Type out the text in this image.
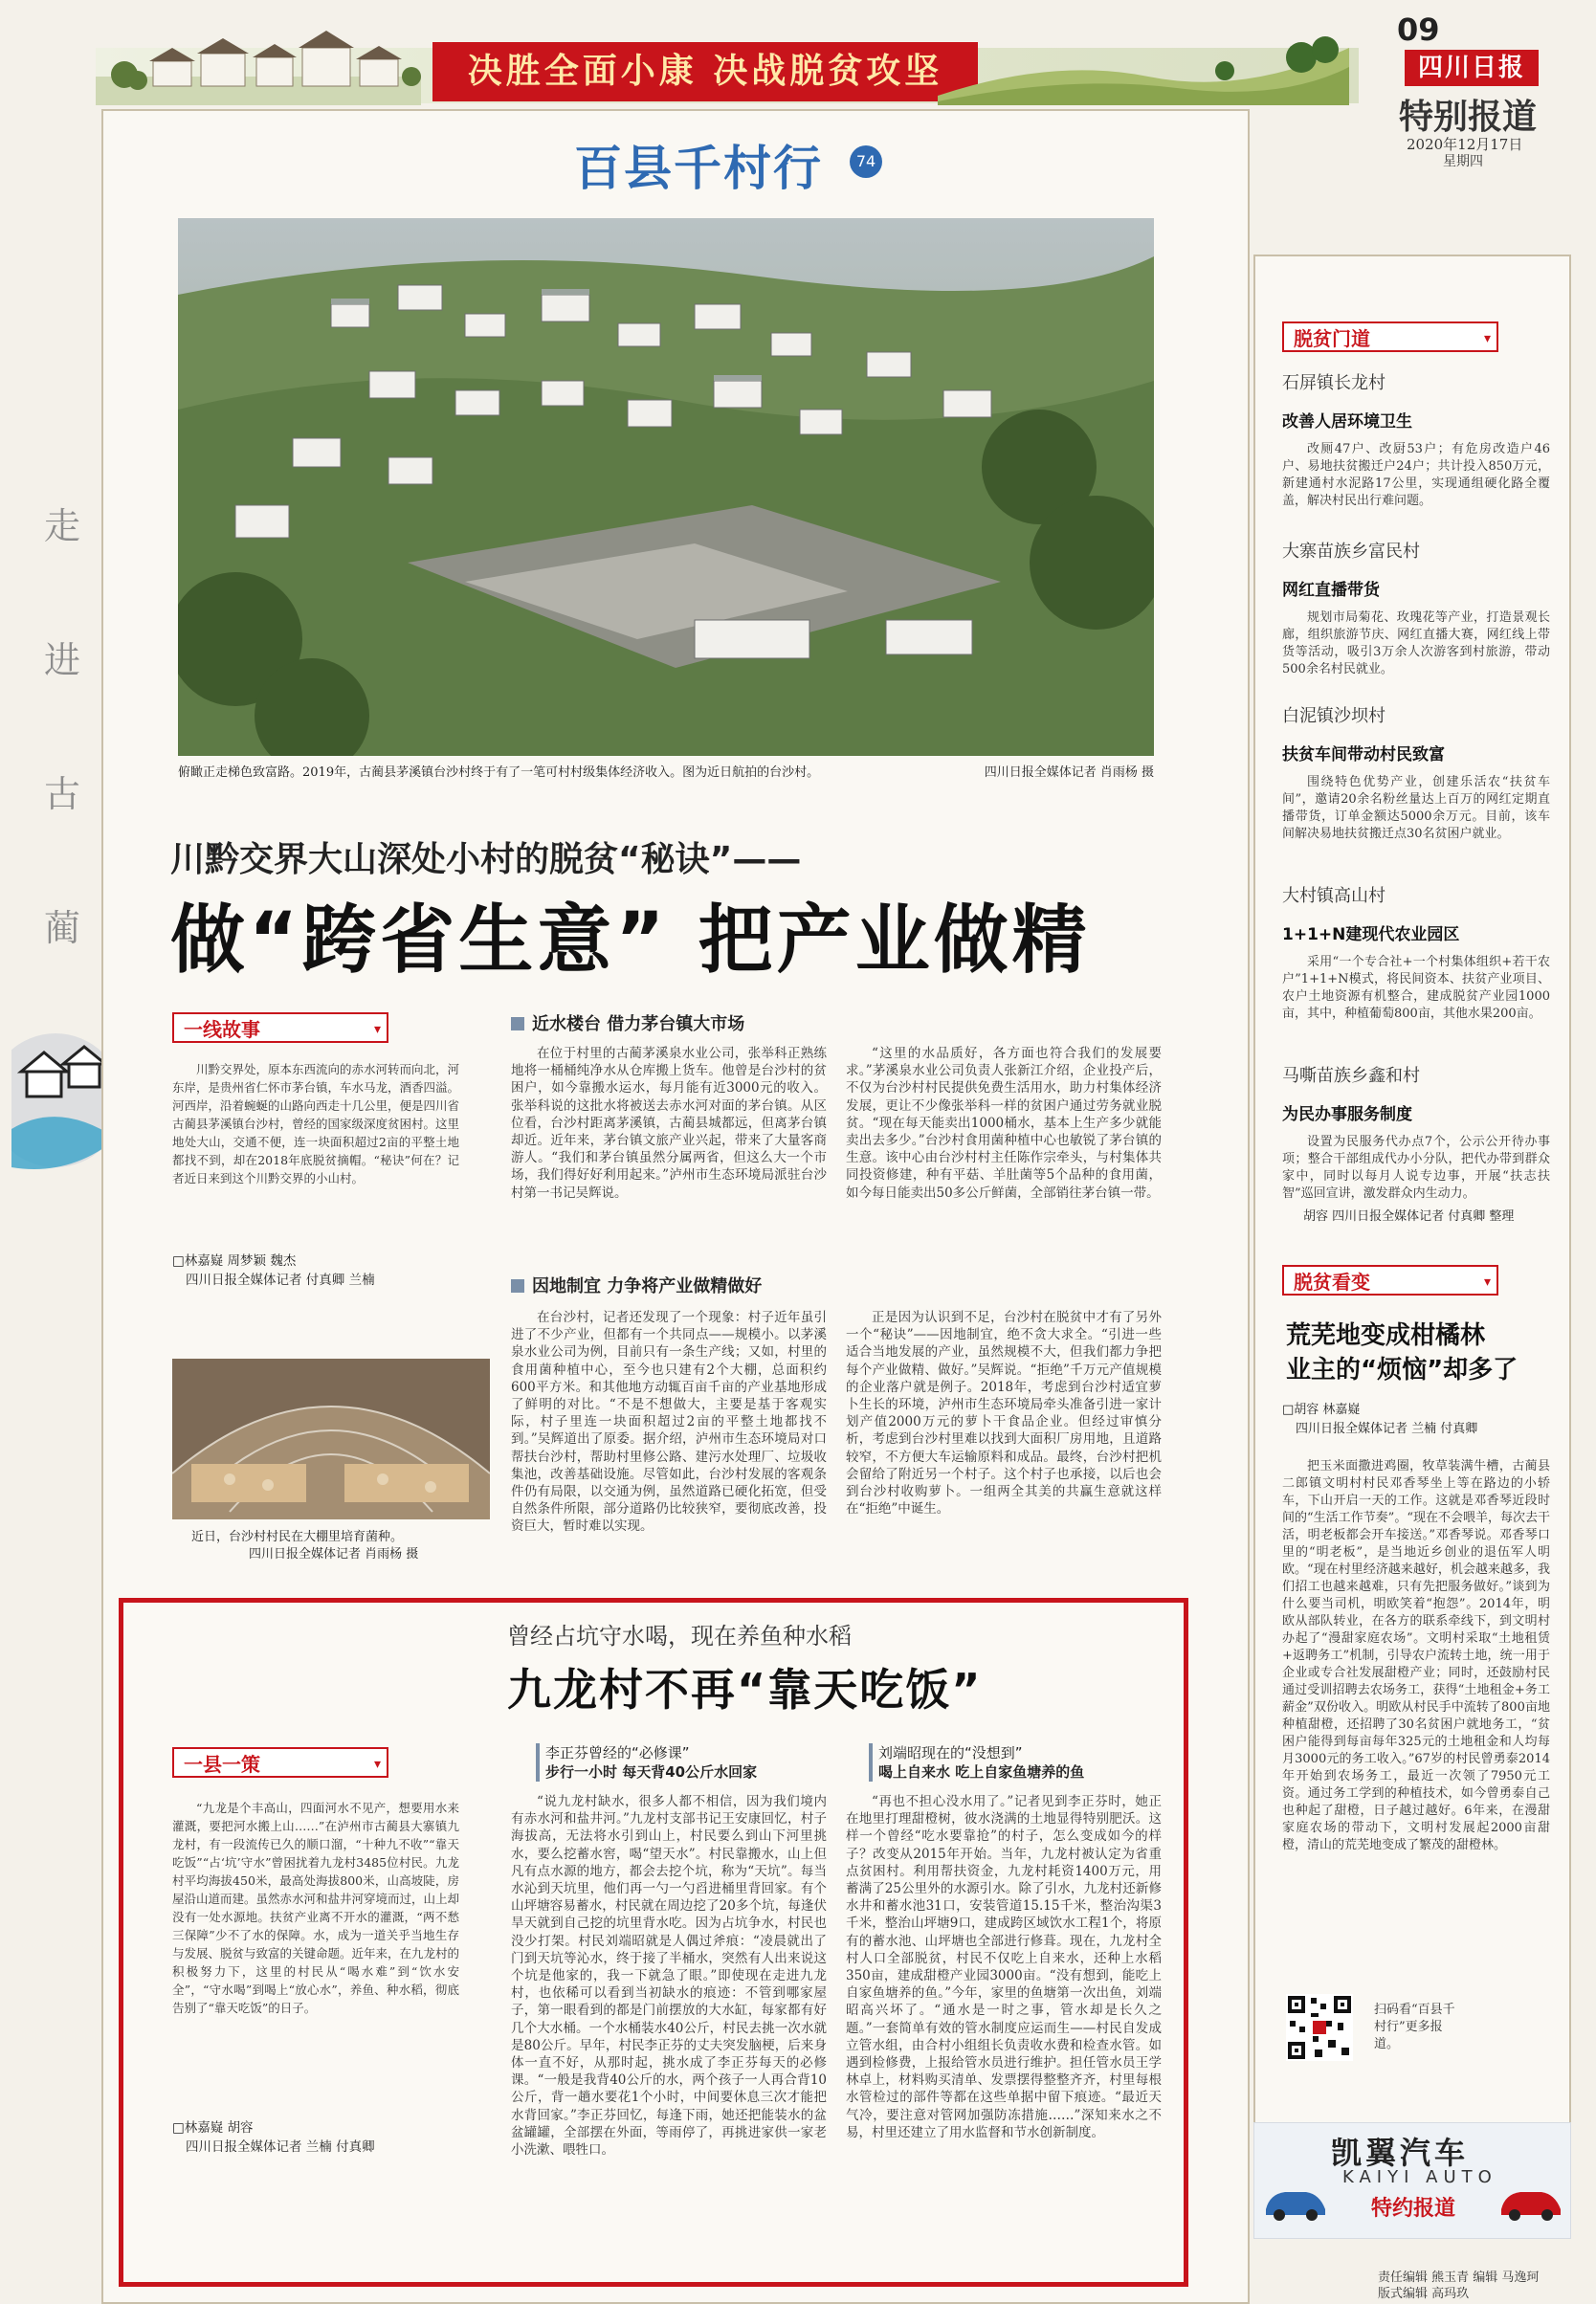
决胜全面小康 决战脱贫攻坚
09
四川日报
特别报道
2020年12月17日
星期四
走
进
古
蔺
百县千村行	74
俯瞰正走梯色致富路。2019年，古蔺县茅溪镇台沙村终于有了一笔可村村级集体经济收入。图为近日航拍的台沙村。	四川日报全媒体记者 肖雨杨 摄
川黔交界大山深处小村的脱贫“秘诀”——
做“跨省生意” 把产业做精
一线故事 ▾

川黔交界处，原本东西流向的赤水河转而向北，河东岸，是贵州省仁怀市茅台镇，车水马龙，酒香四溢。河西岸，沿着蜿蜒的山路向西走十几公里，便是四川省古蔺县茅溪镇台沙村，曾经的国家级深度贫困村。这里地处大山，交通不便，连一块面积超过2亩的平整土地都找不到，却在2018年底脱贫摘帽。“秘诀”何在？记者近日来到这个川黔交界的小山村。

□林嘉嶷 周梦颖 魏杰
四川日报全媒体记者 付真卿 兰楠
近日，台沙村村民在大棚里培育菌种。
四川日报全媒体记者 肖雨杨 摄
近水楼台 借力茅台镇大市场

在位于村里的古蔺茅溪泉水业公司，张举科正熟练地将一桶桶纯净水从仓库搬上货车。他曾是台沙村的贫困户，如今靠搬水运水，每月能有近3000元的收入。张举科说的这批水将被送去赤水河对面的茅台镇。从区位看，台沙村距离茅溪镇，古蔺县城都远，但离茅台镇却近。近年来，茅台镇文旅产业兴起，带来了大量客商游人。“我们和茅台镇虽然分属两省，但这么大一个市场，我们得好好利用起来。”泸州市生态环境局派驻台沙村第一书记吴辉说。

“这里的水品质好，各方面也符合我们的发展要求。”茅溪泉水业公司负责人张新江介绍，企业投产后，不仅为台沙村村民提供免费生活用水，助力村集体经济发展，更让不少像张举科一样的贫困户通过劳务就业脱贫。“现在每天能卖出1000桶水，基本上生产多少就能卖出去多少。”台沙村食用菌种植中心也敏锐了茅台镇的生意。该中心由台沙村村主任陈作宗牵头，与村集体共同投资修建，种有平菇、羊肚菌等5个品种的食用菌，如今每日能卖出50多公斤鲜菌，全部销往茅台镇一带。

因地制宜 力争将产业做精做好

在台沙村，记者还发现了一个现象：村子近年虽引进了不少产业，但都有一个共同点——规模小。以茅溪泉水业公司为例，目前只有一条生产线；又如，村里的食用菌种植中心，至今也只建有2个大棚，总面积约600平方米。和其他地方动辄百亩千亩的产业基地形成了鲜明的对比。“不是不想做大，主要是基于客观实际，村子里连一块面积超过2亩的平整土地都找不到。”吴辉道出了原委。据介绍，泸州市生态环境局对口帮扶台沙村，帮助村里修公路、建污水处理厂、垃圾收集池，改善基础设施。尽管如此，台沙村发展的客观条件仍有局限，以交通为例，虽然道路已硬化拓宽，但受自然条件所限，部分道路仍比较狭窄，要彻底改善，投资巨大，暂时难以实现。

正是因为认识到不足，台沙村在脱贫中才有了另外一个“秘诀”——因地制宜，绝不贪大求全。“引进一些适合当地发展的产业，虽然规模不大，但我们都力争把每个产业做精、做好。”吴辉说。“拒绝”千万元产值规模的企业落户就是例子。2018年，考虑到台沙村适宜萝卜生长的环境，泸州市生态环境局牵头准备引进一家计划产值2000万元的萝卜干食品企业。但经过审慎分析，考虑到台沙村里难以找到大面积厂房用地，且道路较窄，不方便大车运输原料和成品。最终，台沙村把机会留给了附近另一个村子。这个村子也承接，以后也会到台沙村收购萝卜。一组两全其美的共赢生意就这样在“拒绝”中诞生。

曾经占坑守水喝，现在养鱼种水稻
九龙村不再“靠天吃饭”
一县一策 ▾

“九龙是个丰高山，四面河水不见产，想要用水来灌溉，要把河水搬上山……”在泸州市古蔺县大寨镇九龙村，有一段流传已久的顺口溜，“十种九不收”“靠天吃饭”“占‘坑’守水”曾困扰着九龙村3485位村民。九龙村平均海拔450米，最高处海拔800米，山高坡陡，房屋沿山道而建。虽然赤水河和盐井河穿境而过，山上却没有一处水源地。扶贫产业离不开水的灌溉，“两不愁三保障”少不了水的保障。水，成为一道关乎当地生存与发展、脱贫与致富的关键命题。近年来，在九龙村的积极努力下，这里的村民从“喝水难”到“饮水安全”，“守水喝”到喝上“放心水”，养鱼、种水稻，彻底告别了“靠天吃饭”的日子。

□林嘉嶷 胡容
四川日报全媒体记者 兰楠 付真卿
李正芬曾经的“必修课”
步行一小时 每天背40公斤水回家

“说九龙村缺水，很多人都不相信，因为我们境内有赤水河和盐井河。”九龙村支部书记王安康回忆，村子海拔高，无法将水引到山上，村民要么到山下河里挑水，要么挖蓄水窖，喝“望天水”。村民靠搬水，山上但凡有点水源的地方，都会去挖个坑，称为“天坑”。每当水沁到天坑里，他们再一勺一勺舀进桶里背回家。有个山坪塘容易蓄水，村民就在周边挖了20多个坑，每逢伏旱天就到自己挖的坑里背水吃。因为占坑争水，村民也没少打架。村民刘端昭就是人偶过斧痕：“凌晨就出了门到天坑等沁水，终于接了半桶水，突然有人出来说这个坑是他家的，我一下就急了眼。”即使现在走进九龙村，也依稀可以看到当初缺水的痕迹：不管到哪家屋子，第一眼看到的都是门前摆放的大水缸，每家都有好几个大水桶。一个水桶装水40公斤，村民去挑一次水就是80公斤。早年，村民李正芬的丈夫突发脑梗，后来身体一直不好，从那时起，挑水成了李正芬每天的必修课。“一般是我背40公斤的水，两个孩子一人再合背10公斤，背一趟水要花1个小时，中间要休息三次才能把水背回家。”李正芬回忆，每逢下雨，她还把能装水的盆盆罐罐，全部摆在外面，等雨停了，再挑进家供一家老小洗漱、喂牲口。

刘端昭现在的“没想到”
喝上自来水 吃上自家鱼塘养的鱼

“再也不担心没水用了。”记者见到李正芬时，她正在地里打理甜橙树，彼水浇满的土地显得特别肥沃。这样一个曾经“吃水要靠抢”的村子，怎么变成如今的样子？改变从2015年开始。当年，九龙村被认定为省重点贫困村。利用帮扶资金，九龙村耗资1400万元，用蓄满了25公里外的水源引水。除了引水，九龙村还新修水井和蓄水池31口，安装管道15.15千米，整治沟渠3千米，整治山坪塘9口，建成跨区域饮水工程1个，将原有的蓄水池、山坪塘也全部进行修葺。现在，九龙村全村人口全部脱贫，村民不仅吃上自来水，还种上水稻350亩，建成甜橙产业园3000亩。“没有想到，能吃上自家鱼塘养的鱼。”今年，家里的鱼塘第一次出鱼，刘端昭高兴坏了。“通水是一时之事，管水却是长久之题。”一套简单有效的管水制度应运而生——村民自发成立管水组，由合村小组组长负责收水费和检查水管。如遇到检修费，上报给管水员进行维护。担任管水员王学林卓上，材料购买清单、发票摆得整整齐齐，村里每根水管检过的部件等都在这些单据中留下痕迹。“最近天气冷，要注意对管网加强防冻措施……”深知来水之不易，村里还建立了用水监督和节水创新制度。

脱贫门道 ▾
石屏镇长龙村
改善人居环境卫生

改厕47户、改厨53户；有危房改造户46户、易地扶贫搬迁户24户；共计投入850万元，新建通村水泥路17公里，实现通组硬化路全覆盖，解决村民出行难问题。

大寨苗族乡富民村
网红直播带货

规划市局菊花、玫瑰花等产业，打造景观长廊，组织旅游节庆、网红直播大赛，网红线上带货等活动，吸引3万余人次游客到村旅游，带动500余名村民就业。

白泥镇沙坝村
扶贫车间带动村民致富

围绕特色优势产业，创建乐活农“扶贫车间”，邀请20余名粉丝量达上百万的网红定期直播带货，订单金额达5000余万元。目前，该车间解决易地扶贫搬迁点30名贫困户就业。

大村镇高山村
1+1+N建现代农业园区

采用“一个专合社+一个村集体组织+若干农户”1+1+N模式，将民间资本、扶贫产业项目、农户土地资源有机整合，建成脱贫产业园1000亩，其中，种植葡萄800亩，其他水果200亩。

马嘶苗族乡鑫和村
为民办事服务制度

设置为民服务代办点7个，公示公开待办事项；整合干部组成代办小分队，把代办带到群众家中，同时以每月人说专边事，开展“扶志扶智”巡回宣讲，激发群众内生动力。

胡容 四川日报全媒体记者 付真卿 整理
脱贫看变 ▾
荒芜地变成柑橘林
业主的“烦恼”却多了
□胡容 林嘉嶷
四川日报全媒体记者 兰楠 付真卿

把玉米面撒进鸡圈，牧草装满牛槽，古蔺县二郎镇文明村村民邓香琴坐上等在路边的小轿车，下山开启一天的工作。这就是邓香琴近段时间的“生活工作节奏”。“现在不会喂羊，每次去干活，明老板都会开车接送。”邓香琴说。邓香琴口里的“明老板”，是当地近乡创业的退伍军人明欧。“现在村里经济越来越好，机会越来越多，我们招工也越来越难，只有先把服务做好。”谈到为什么要当司机，明欧笑着“抱怨”。2014年，明欧从部队转业，在各方的联系牵线下，到文明村办起了“漫甜家庭农场”。文明村采取“土地租赁+返聘务工”机制，引导农户流转土地，统一用于企业或专合社发展甜橙产业；同时，还鼓励村民通过受训招聘去农场务工，获得“土地租金+务工薪金”双份收入。明欧从村民手中流转了800亩地种植甜橙，还招聘了30名贫困户就地务工，“贫困户能得到每亩每年325元的土地租金和人均每月3000元的务工收入。”67岁的村民曾勇泰2014年开始到农场务工，最近一次领了7950元工资。通过务工学到的种植技术，如今曾勇泰自己也种起了甜橙，日子越过越好。6年来，在漫甜家庭农场的带动下，文明村发展起2000亩甜橙，清山的荒芜地变成了繁茂的甜橙林。

扫码看“百县千村行”更多报道。
凯翼汽车
KAIYI AUTO
特约报道
责任编辑 熊玉青 编辑 马逸珂
版式编辑 高玛玖
